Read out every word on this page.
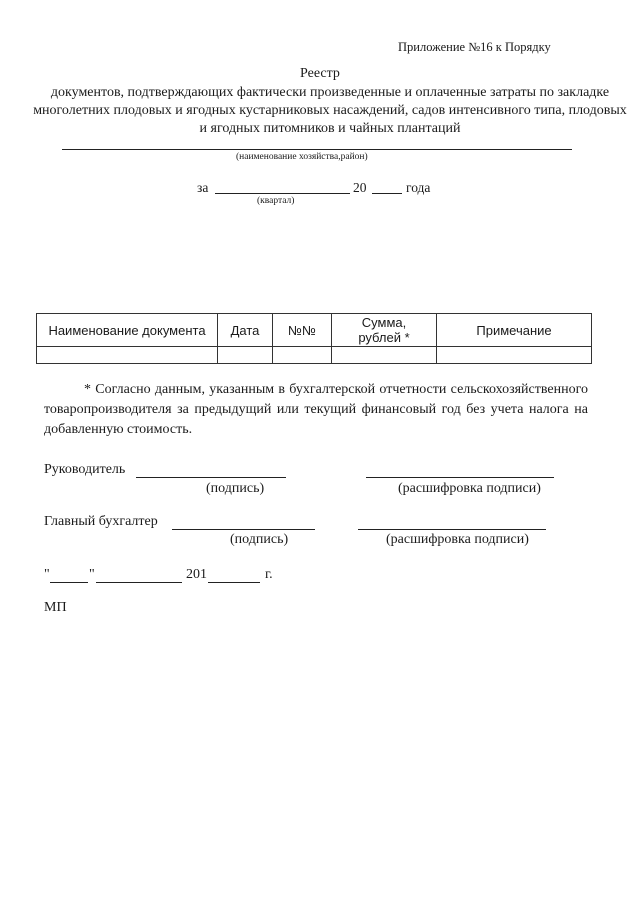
Приложение №16 к Порядку
Реестр
документов, подтверждающих фактически произведенные и оплаченные затраты по закладке многолетних плодовых и ягодных кустарниковых насаждений, садов интенсивного типа, плодовых и ягодных питомников и чайных плантаций
(наименование хозяйства,район)
за	20	года
(квартал)
Наименование документа	Дата	№№	Сумма, рублей *	Примечание

* Согласно данным, указанным в бухгалтерской отчетности сельскохозяйственного товаропроизводителя за предыдущий или текущий финансовый год без учета налога на добавленную стоимость.
Руководитель
(подпись)	(расшифровка подписи)
Главный бухгалтер
(подпись)	(расшифровка подписи)
"	"	201	г.
МП
